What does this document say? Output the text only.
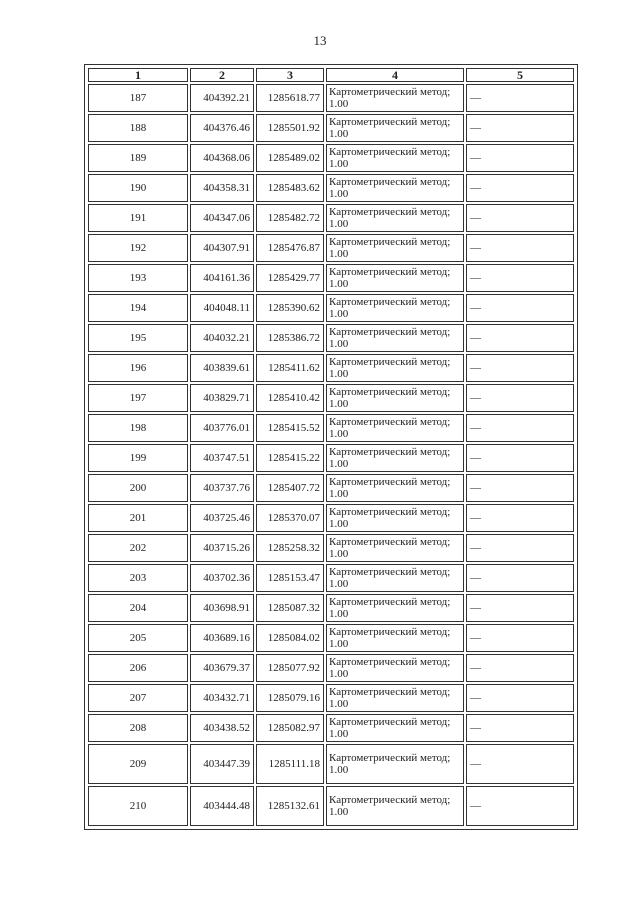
13
1	2	3	4	5
187	404392.21	1285618.77	Картометрический метод; 1.00	—
188	404376.46	1285501.92	Картометрический метод; 1.00	—
189	404368.06	1285489.02	Картометрический метод; 1.00	—
190	404358.31	1285483.62	Картометрический метод; 1.00	—
191	404347.06	1285482.72	Картометрический метод; 1.00	—
192	404307.91	1285476.87	Картометрический метод; 1.00	—
193	404161.36	1285429.77	Картометрический метод; 1.00	—
194	404048.11	1285390.62	Картометрический метод; 1.00	—
195	404032.21	1285386.72	Картометрический метод; 1.00	—
196	403839.61	1285411.62	Картометрический метод; 1.00	—
197	403829.71	1285410.42	Картометрический метод; 1.00	—
198	403776.01	1285415.52	Картометрический метод; 1.00	—
199	403747.51	1285415.22	Картометрический метод; 1.00	—
200	403737.76	1285407.72	Картометрический метод; 1.00	—
201	403725.46	1285370.07	Картометрический метод; 1.00	—
202	403715.26	1285258.32	Картометрический метод; 1.00	—
203	403702.36	1285153.47	Картометрический метод; 1.00	—
204	403698.91	1285087.32	Картометрический метод; 1.00	—
205	403689.16	1285084.02	Картометрический метод; 1.00	—
206	403679.37	1285077.92	Картометрический метод; 1.00	—
207	403432.71	1285079.16	Картометрический метод; 1.00	—
208	403438.52	1285082.97	Картометрический метод; 1.00	—
209	403447.39	1285111.18	Картометрический метод; 1.00	—
210	403444.48	1285132.61	Картометрический метод; 1.00	—
